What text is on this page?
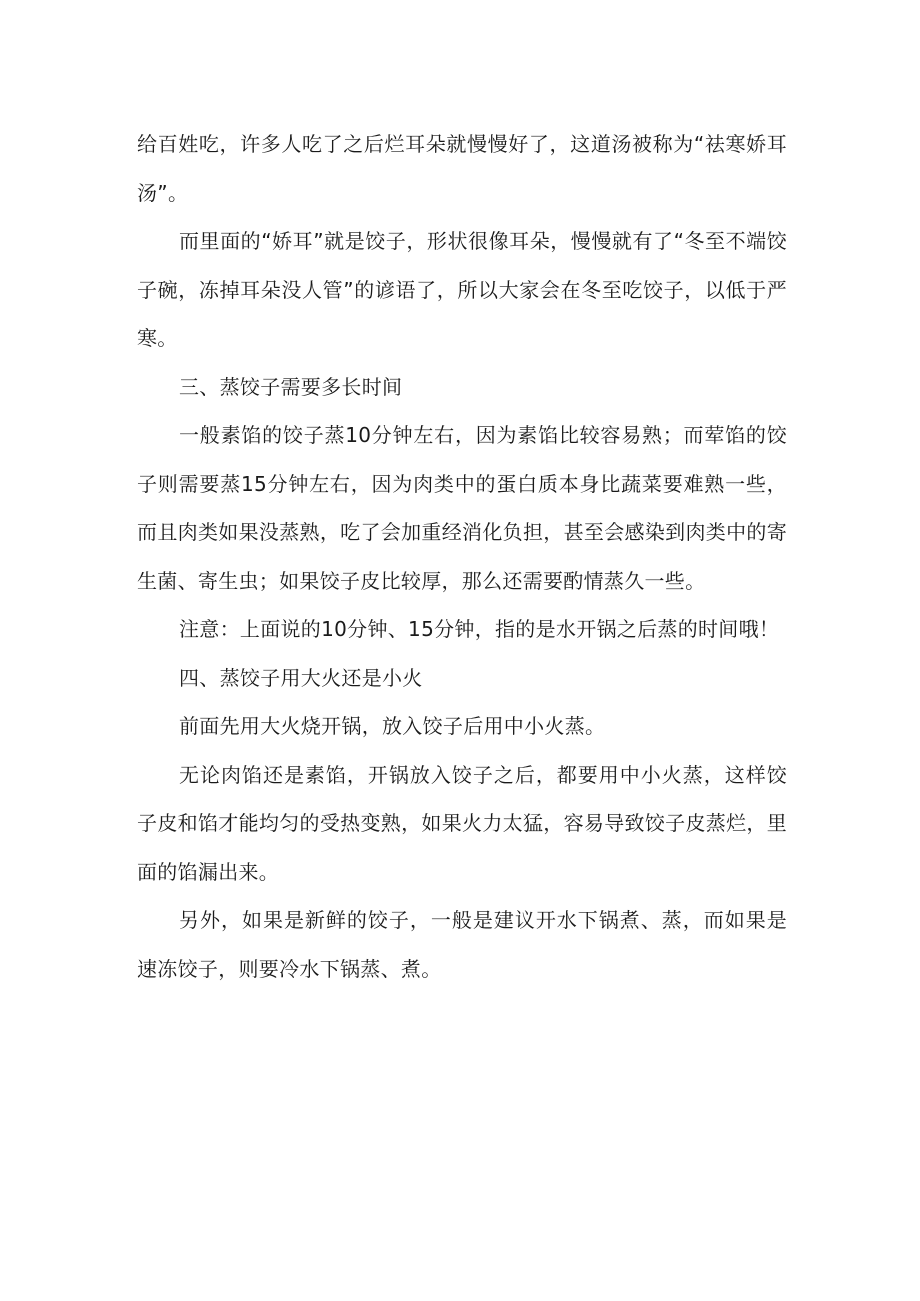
给百姓吃，许多人吃了之后烂耳朵就慢慢好了，这道汤被称为“祛寒娇耳汤”。

而里面的“娇耳”就是饺子，形状很像耳朵，慢慢就有了“冬至不端饺子碗，冻掉耳朵没人管”的谚语了，所以大家会在冬至吃饺子，以低于严寒。

三、蒸饺子需要多长时间

一般素馅的饺子蒸10分钟左右，因为素馅比较容易熟；而荤馅的饺子则需要蒸15分钟左右，因为肉类中的蛋白质本身比蔬菜要难熟一些，而且肉类如果没蒸熟，吃了会加重经消化负担，甚至会感染到肉类中的寄生菌、寄生虫；如果饺子皮比较厚，那么还需要酌情蒸久一些。

注意：上面说的10分钟、15分钟，指的是水开锅之后蒸的时间哦！

四、蒸饺子用大火还是小火

前面先用大火烧开锅，放入饺子后用中小火蒸。

无论肉馅还是素馅，开锅放入饺子之后，都要用中小火蒸，这样饺子皮和馅才能均匀的受热变熟，如果火力太猛，容易导致饺子皮蒸烂，里面的馅漏出来。

另外，如果是新鲜的饺子，一般是建议开水下锅煮、蒸，而如果是速冻饺子，则要冷水下锅蒸、煮。
